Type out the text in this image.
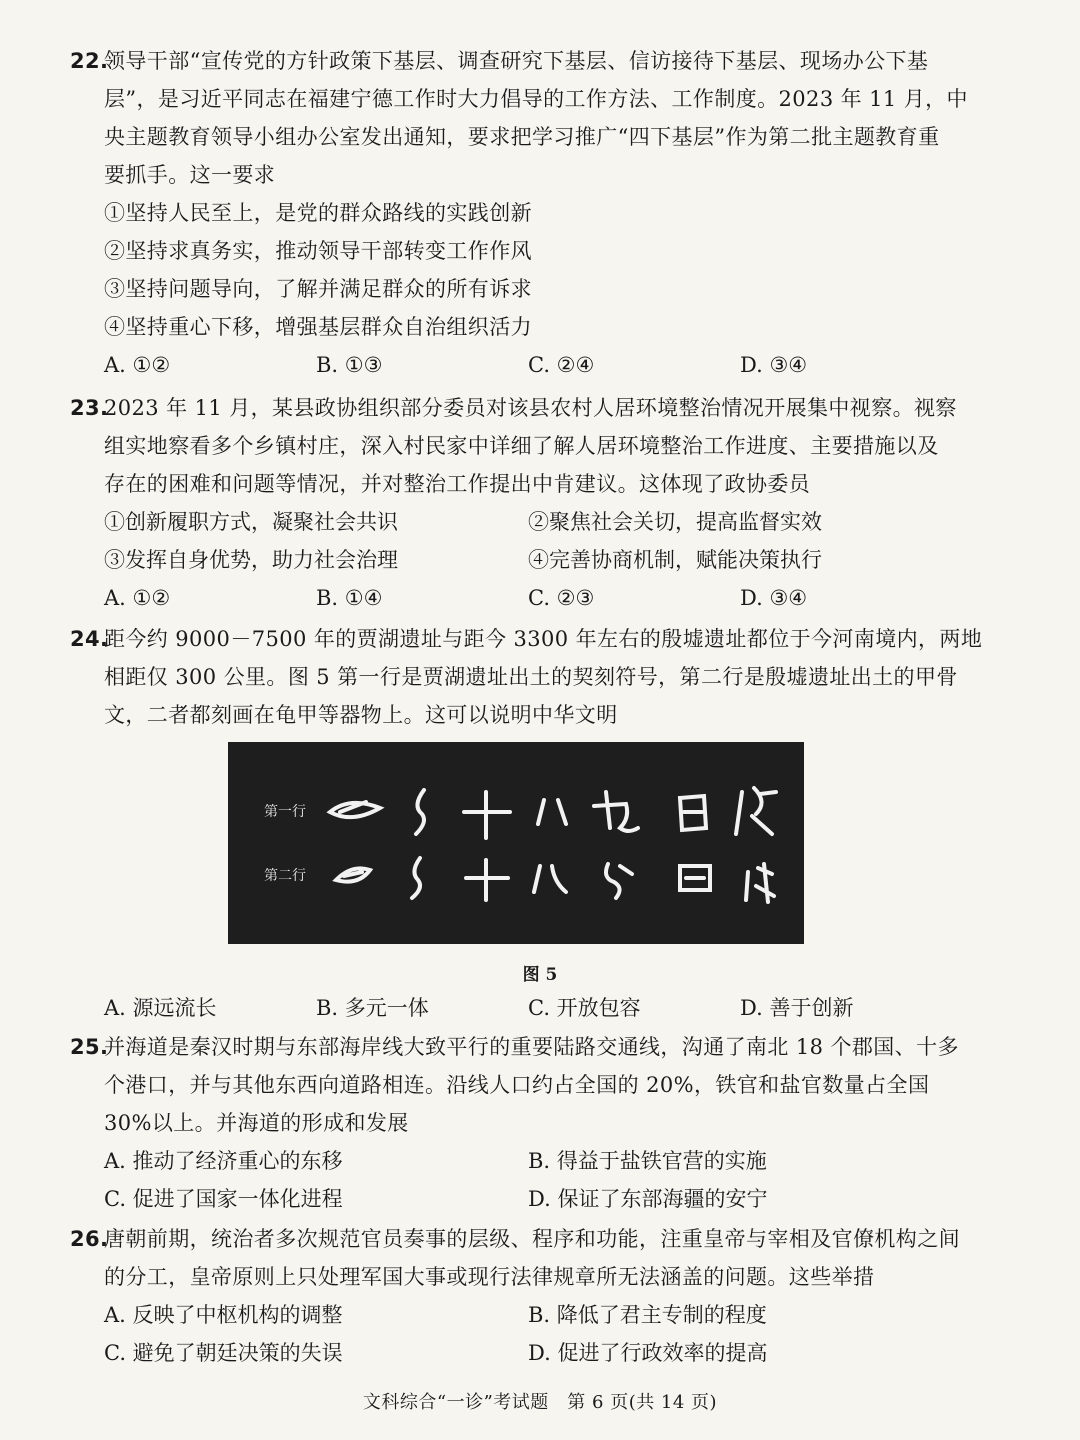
22.
领导干部“宣传党的方针政策下基层、调查研究下基层、信访接待下基层、现场办公下基
层”，是习近平同志在福建宁德工作时大力倡导的工作方法、工作制度。2023 年 11 月，中
央主题教育领导小组办公室发出通知，要求把学习推广“四下基层”作为第二批主题教育重
要抓手。这一要求
①坚持人民至上，是党的群众路线的实践创新
②坚持求真务实，推动领导干部转变工作作风
③坚持问题导向，了解并满足群众的所有诉求
④坚持重心下移，增强基层群众自治组织活力
A. ①②	B. ①③	C. ②④	D. ③④
23.
2023 年 11 月，某县政协组织部分委员对该县农村人居环境整治情况开展集中视察。视察
组实地察看多个乡镇村庄，深入村民家中详细了解人居环境整治工作进度、主要措施以及
存在的困难和问题等情况，并对整治工作提出中肯建议。这体现了政协委员
①创新履职方式，凝聚社会共识	②聚焦社会关切，提高监督实效
③发挥自身优势，助力社会治理	④完善协商机制，赋能决策执行
A. ①②	B. ①④	C. ②③	D. ③④
24.
距今约 9000－7500 年的贾湖遗址与距今 3300 年左右的殷墟遗址都位于今河南境内，两地
相距仅 300 公里。图 5 第一行是贾湖遗址出土的契刻符号，第二行是殷墟遗址出土的甲骨
文，二者都刻画在龟甲等器物上。这可以说明中华文明
第一行
第二行
图 5
A. 源远流长	B. 多元一体	C. 开放包容	D. 善于创新
25.
并海道是秦汉时期与东部海岸线大致平行的重要陆路交通线，沟通了南北 18 个郡国、十多
个港口，并与其他东西向道路相连。沿线人口约占全国的 20%，铁官和盐官数量占全国
30%以上。并海道的形成和发展
A. 推动了经济重心的东移	B. 得益于盐铁官营的实施
C. 促进了国家一体化进程	D. 保证了东部海疆的安宁
26.
唐朝前期，统治者多次规范官员奏事的层级、程序和功能，注重皇帝与宰相及官僚机构之间
的分工，皇帝原则上只处理军国大事或现行法律规章所无法涵盖的问题。这些举措
A. 反映了中枢机构的调整	B. 降低了君主专制的程度
C. 避免了朝廷决策的失误	D. 促进了行政效率的提高
文科综合“一诊”考试题　第 6 页(共 14 页)
